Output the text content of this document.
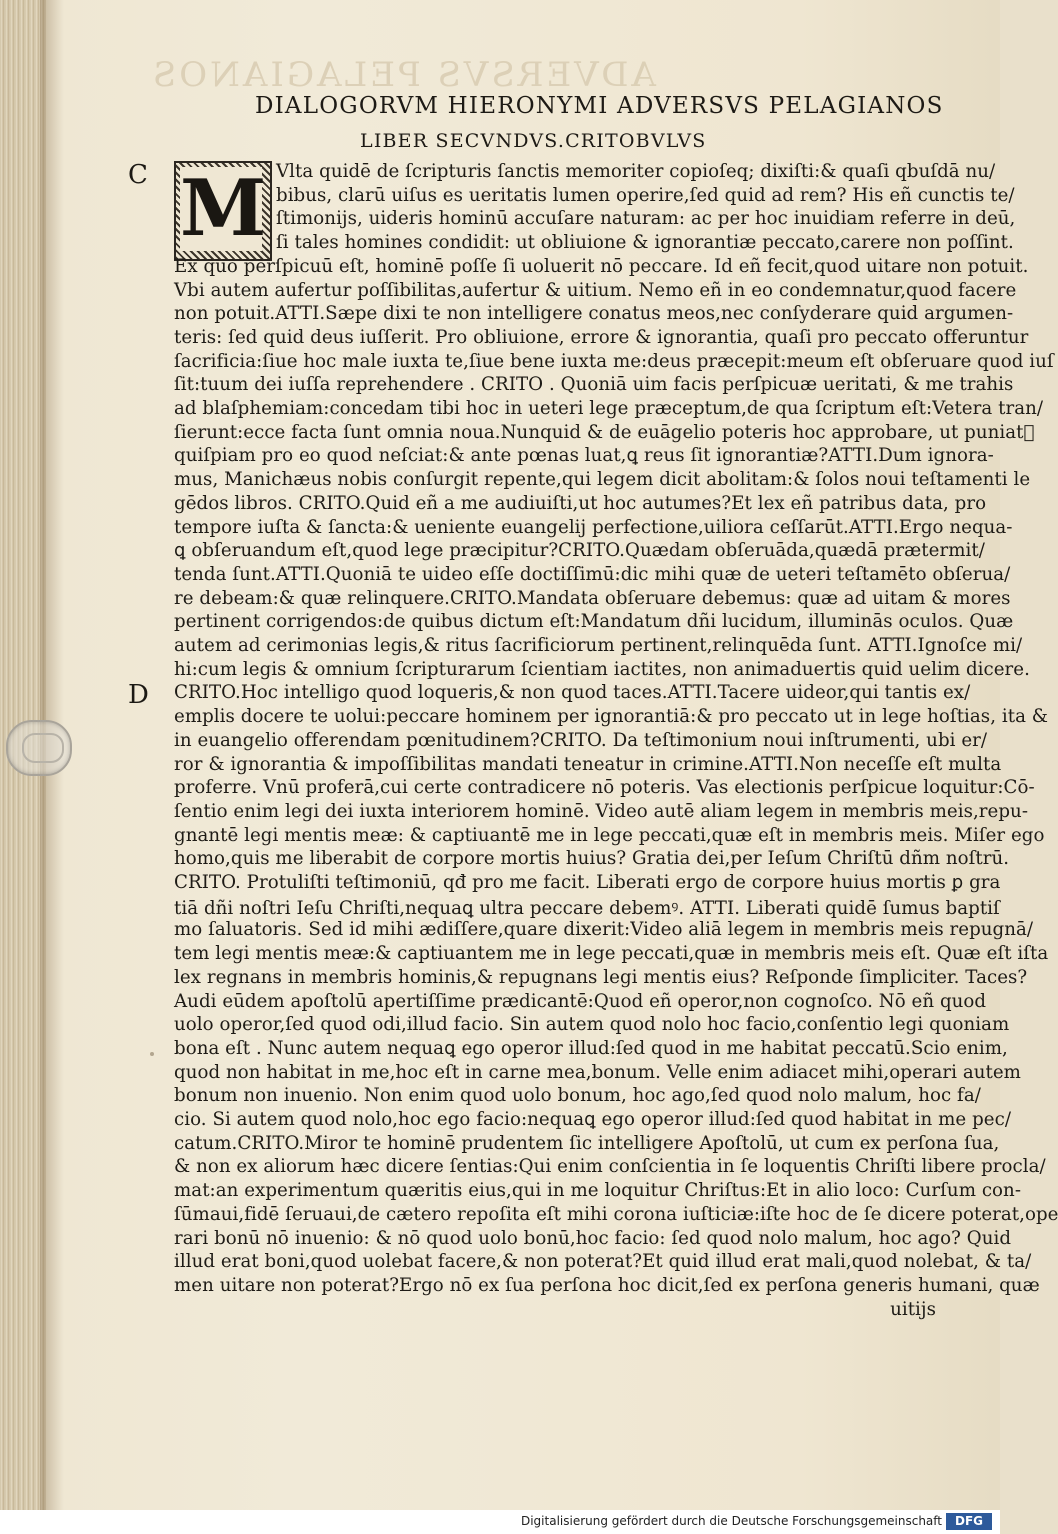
ADVERSVS PELAGIANOS
DIALOGORVM HIERONYMI ADVERSVS PELAGIANOS
LIBER SECVNDVS.CRITOBVLVS
C
D
M Vlta quidē de ſcripturis ſanctis memoriter copioſeq; dixiſti:& quaſi qbuſdā nu/
bibus, clarū uiſus es ueritatis lumen operire,ſed quid ad rem? His eñ cunctis te/
ſtimonijs, uideris hominū accuſare naturam: ac per hoc inuidiam referre in deū,
ſi tales homines condidit: ut obliuione & ignorantiæ peccato,carere non poſſint.
Ex quo perſpicuū eſt, hominē poſſe ſi uoluerit nō peccare. Id eñ fecit,quod uitare non potuit.
Vbi autem aufertur poſſibilitas,aufertur & uitium. Nemo eñ in eo condemnatur,quod facere
non potuit.ATTI.Sæpe dixi te non intelligere conatus meos,nec conſyderare quid argumen-
teris: ſed quid deus iuſſerit. Pro obliuione, errore & ignorantia, quaſi pro peccato offeruntur
ſacrificia:ſiue hoc male iuxta te,ſiue bene iuxta me:deus præcepit:meum eſt obſeruare quod iuſ
ſit:tuum dei iuſſa reprehendere . CRITO . Quoniā uim facis perſpicuæ ueritati, & me trahis
ad blaſphemiam:concedam tibi hoc in ueteri lege præceptum,de qua ſcriptum eſt:Vetera tran/
ſierunt:ecce facta ſunt omnia noua.Nunquid & de euāgelio poteris hoc approbare, ut puniatᷓ
quiſpiam pro eo quod neſciat:& ante pœnas luat,ꝗ reus ſit ignorantiæ?ATTI.Dum ignora-
mus, Manichæus nobis conſurgit repente,qui legem dicit abolitam:& ſolos noui teſtamenti le
gēdos libros. CRITO.Quid eñ a me audiuiſti,ut hoc autumes?Et lex eñ patribus data, pro
tempore iuſta & ſancta:& ueniente euangelij perfectione,uiliora ceſſarūt.ATTI.Ergo nequa-
ꝗ obſeruandum eſt,quod lege præcipitur?CRITO.Quædam obſeruāda,quædā prætermit/
tenda ſunt.ATTI.Quoniā te uideo eſſe doctiſſimū:dic mihi quæ de ueteri teſtamēto obſerua/
re debeam:& quæ relinquere.CRITO.Mandata obſeruare debemus: quæ ad uitam & mores
pertinent corrigendos:de quibus dictum eſt:Mandatum dñi lucidum, illuminās oculos. Quæ
autem ad cerimonias legis,& ritus ſacrificiorum pertinent,relinquēda ſunt. ATTI.Ignoſce mi/
hi:cum legis & omnium ſcripturarum ſcientiam iactites, non animaduertis quid uelim dicere.
CRITO.Hoc intelligo quod loqueris,& non quod taces.ATTI.Tacere uideor,qui tantis ex/
emplis docere te uolui:peccare hominem per ignorantiā:& pro peccato ut in lege hoſtias, ita &
in euangelio offerendam pœnitudinem?CRITO. Da teſtimonium noui inſtrumenti, ubi er/
ror & ignorantia & impoſſibilitas mandati teneatur in crimine.ATTI.Non neceſſe eſt multa
proferre. Vnū proferā,cui certe contradicere nō poteris. Vas electionis perſpicue loquitur:Cō-
ſentio enim legi dei iuxta interiorem hominē. Video autē aliam legem in membris meis,repu-
gnantē legi mentis meæ: & captiuantē me in lege peccati,quæ eſt in membris meis. Miſer ego
homo,quis me liberabit de corpore mortis huius? Gratia dei,per Ieſum Chriſtū dñm noſtrū.
CRITO. Protuliſti teſtimoniū, qđ pro me facit. Liberati ergo de corpore huius mortis ꝑ gra
tiā dñi noſtri Ieſu Chriſti,nequaꝗ ultra peccare debemꝰ. ATTI. Liberati quidē ſumus baptiſ
mo ſaluatoris. Sed id mihi ædiſſere,quare dixerit:Video aliā legem in membris meis repugnā/
tem legi mentis meæ:& captiuantem me in lege peccati,quæ in membris meis eſt. Quæ eſt iſta
lex regnans in membris hominis,& repugnans legi mentis eius? Reſponde ſimpliciter. Taces?
Audi eūdem apoſtolū apertiſſime prædicantē:Quod eñ operor,non cognoſco. Nō eñ quod
uolo operor,ſed quod odi,illud facio. Sin autem quod nolo hoc facio,conſentio legi quoniam
bona eſt . Nunc autem nequaꝗ ego operor illud:ſed quod in me habitat peccatū.Scio enim,
quod non habitat in me,hoc eſt in carne mea,bonum. Velle enim adiacet mihi,operari autem
bonum non inuenio. Non enim quod uolo bonum, hoc ago,ſed quod nolo malum, hoc fa/
cio. Si autem quod nolo,hoc ego facio:nequaꝗ ego operor illud:ſed quod habitat in me pec/
catum.CRITO.Miror te hominē prudentem ſic intelligere Apoſtolū, ut cum ex perſona ſua,
& non ex aliorum hæc dicere ſentias:Qui enim conſcientia in ſe loquentis Chriſti libere procla/
mat:an experimentum quæritis eius,qui in me loquitur Chriſtus:Et in alio loco: Curſum con-
ſūmaui,fidē ſeruaui,de cætero repoſita eſt mihi corona iuſticiæ:iſte hoc de ſe dicere poterat,ope
rari bonū nō inuenio: & nō quod uolo bonū,hoc facio: ſed quod nolo malum, hoc ago? Quid
illud erat boni,quod uolebat facere,& non poterat?Et quid illud erat mali,quod nolebat, & ta/
men uitare non poterat?Ergo nō ex ſua perſona hoc dicit,ſed ex perſona generis humani, quæ
uitijs
Digitalisierung gefördert durch die Deutsche Forschungsgemeinschaft	DFG
